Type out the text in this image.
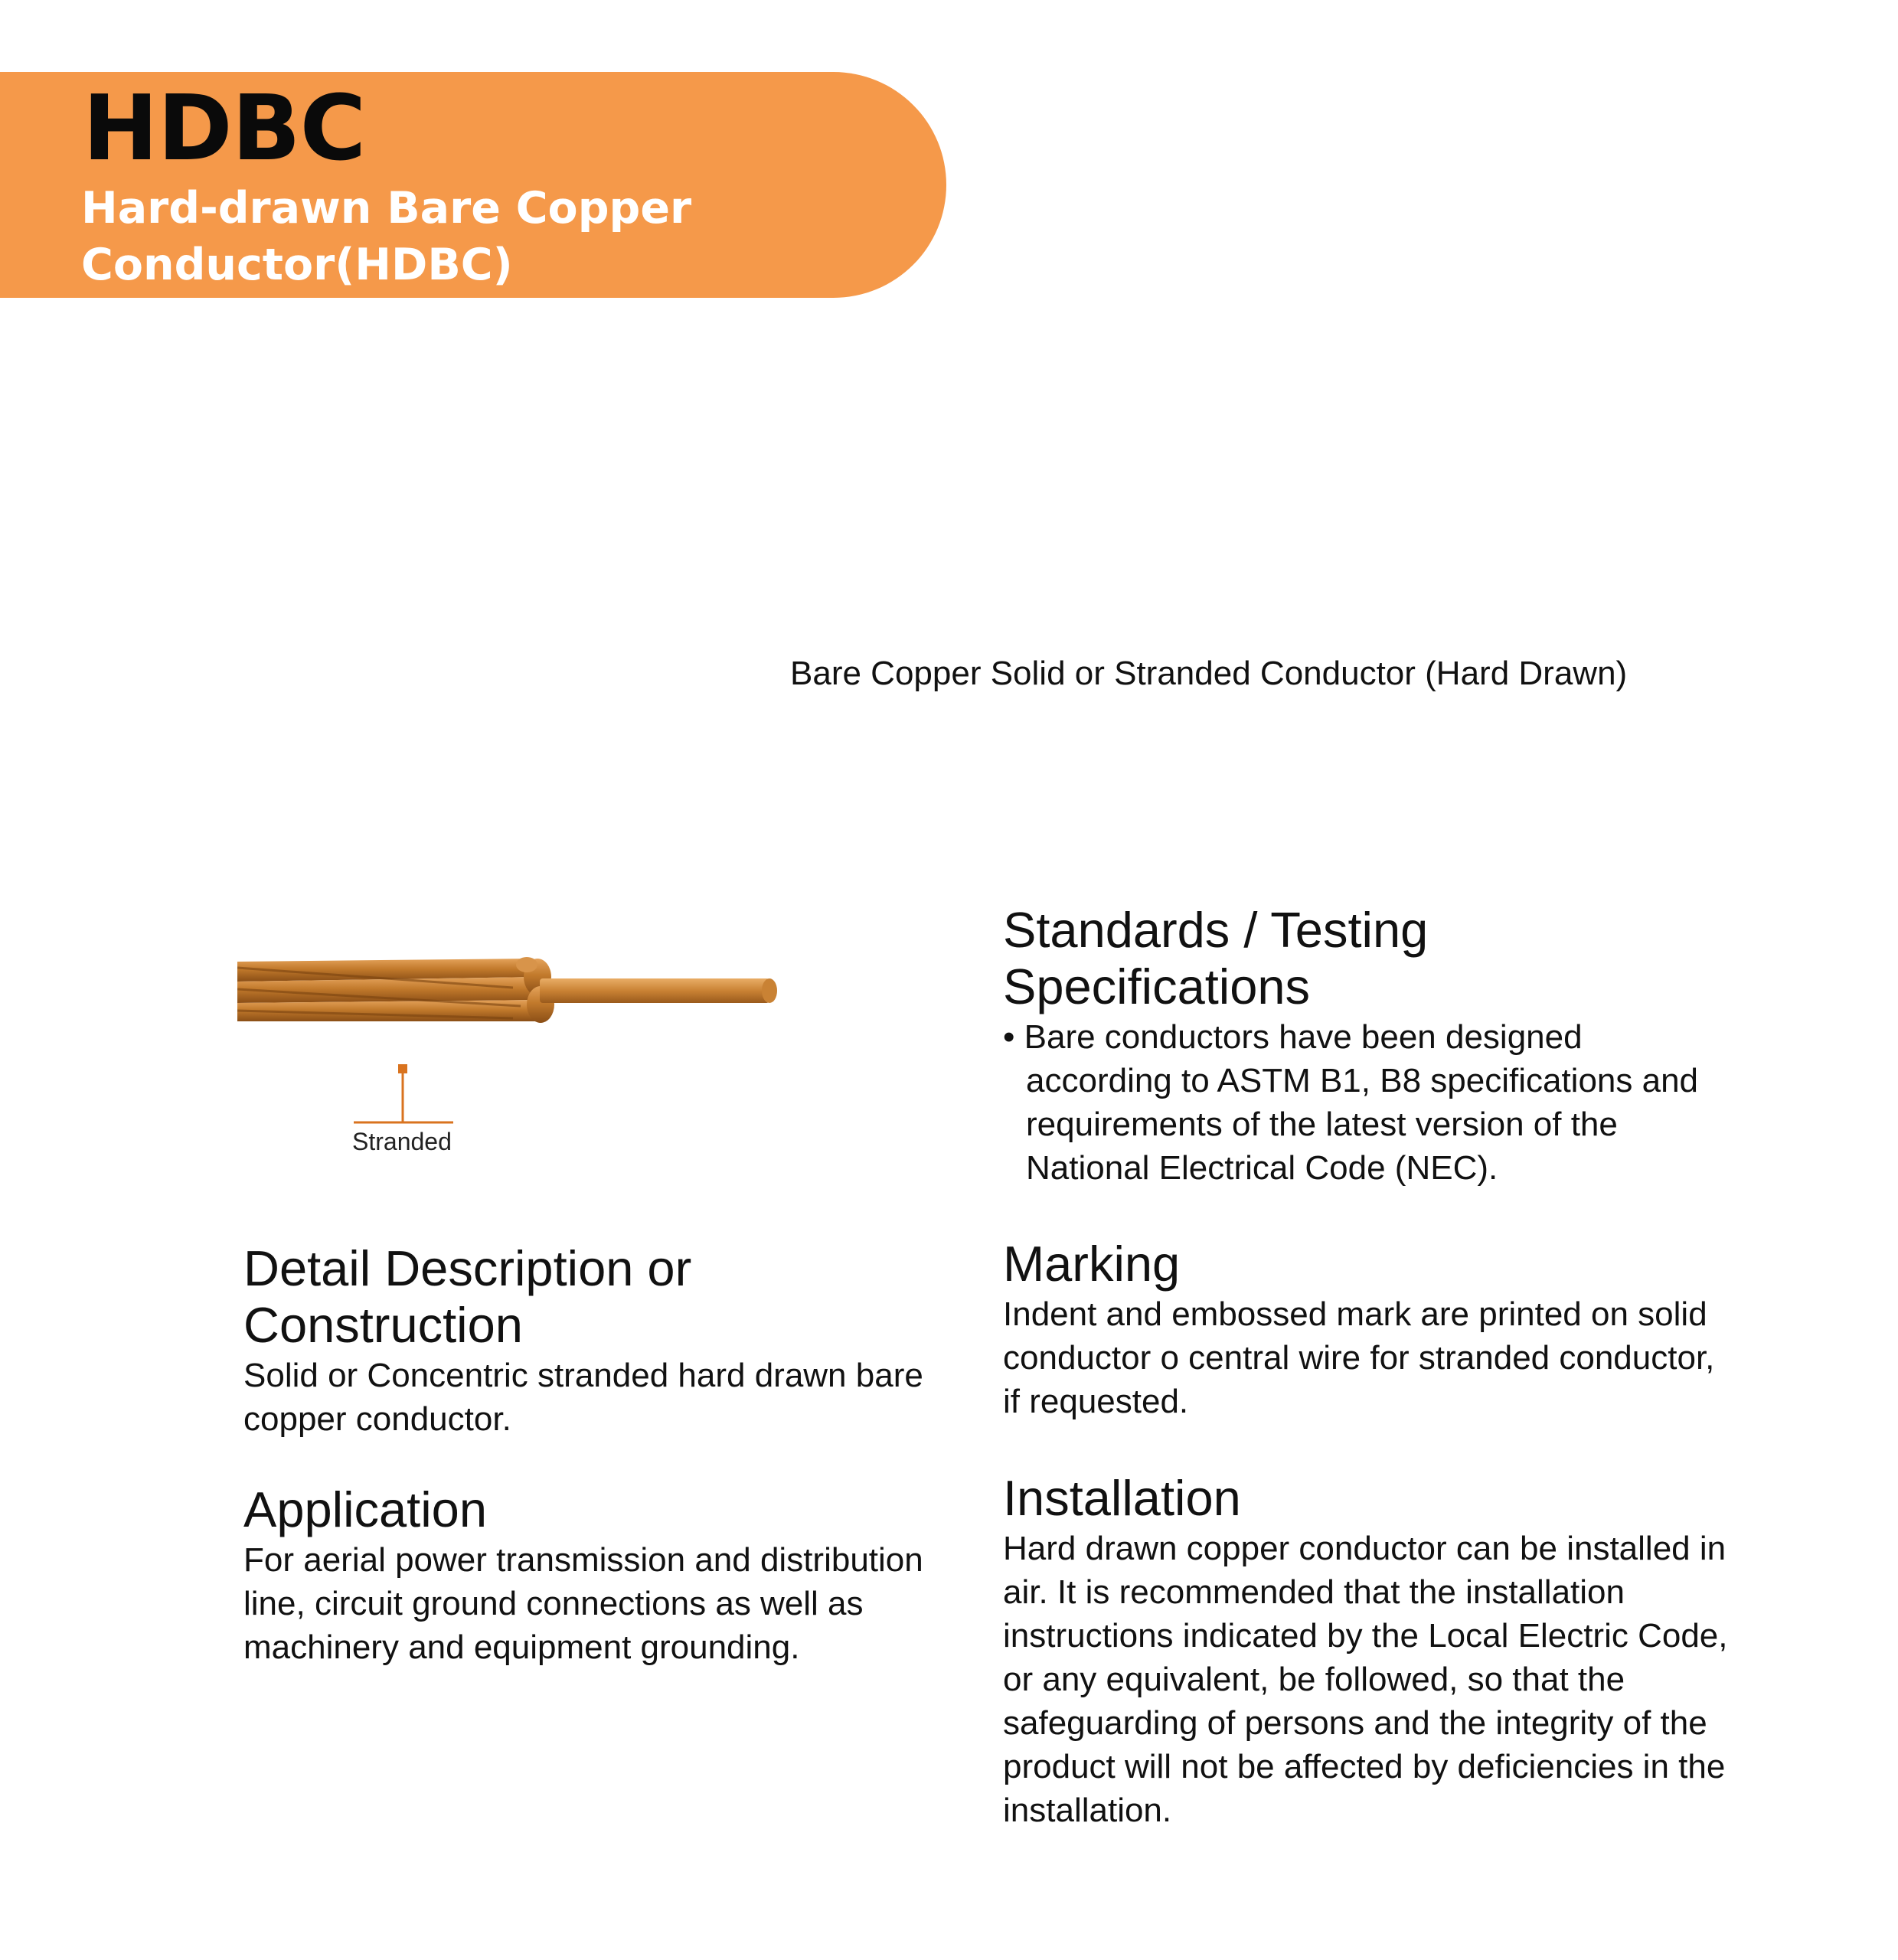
HDBC
Hard-drawn Bare Copper Conductor(HDBC)
Bare Copper Solid or Stranded Conductor (Hard Drawn)
Stranded
Standards / Testing Specifications

• Bare conductors have been designed according to ASTM B1, B8 specifications and requirements of the latest version of the National Electrical Code (NEC).

Marking

Indent and embossed mark are printed on solid conductor o central wire for stranded conductor, if requested.

Installation

Hard drawn copper conductor can be installed in air. It is recommended that the installation instructions indicated by the Local Electric Code, or any equivalent, be followed, so that the safeguarding of persons and the integrity of the product will not be affected by deficiencies in the installation.

Detail Description or Construction

Solid or Concentric stranded hard drawn bare copper conductor.

Application

For aerial power transmission and distribution line, circuit ground connections as well as machinery and equipment grounding.
